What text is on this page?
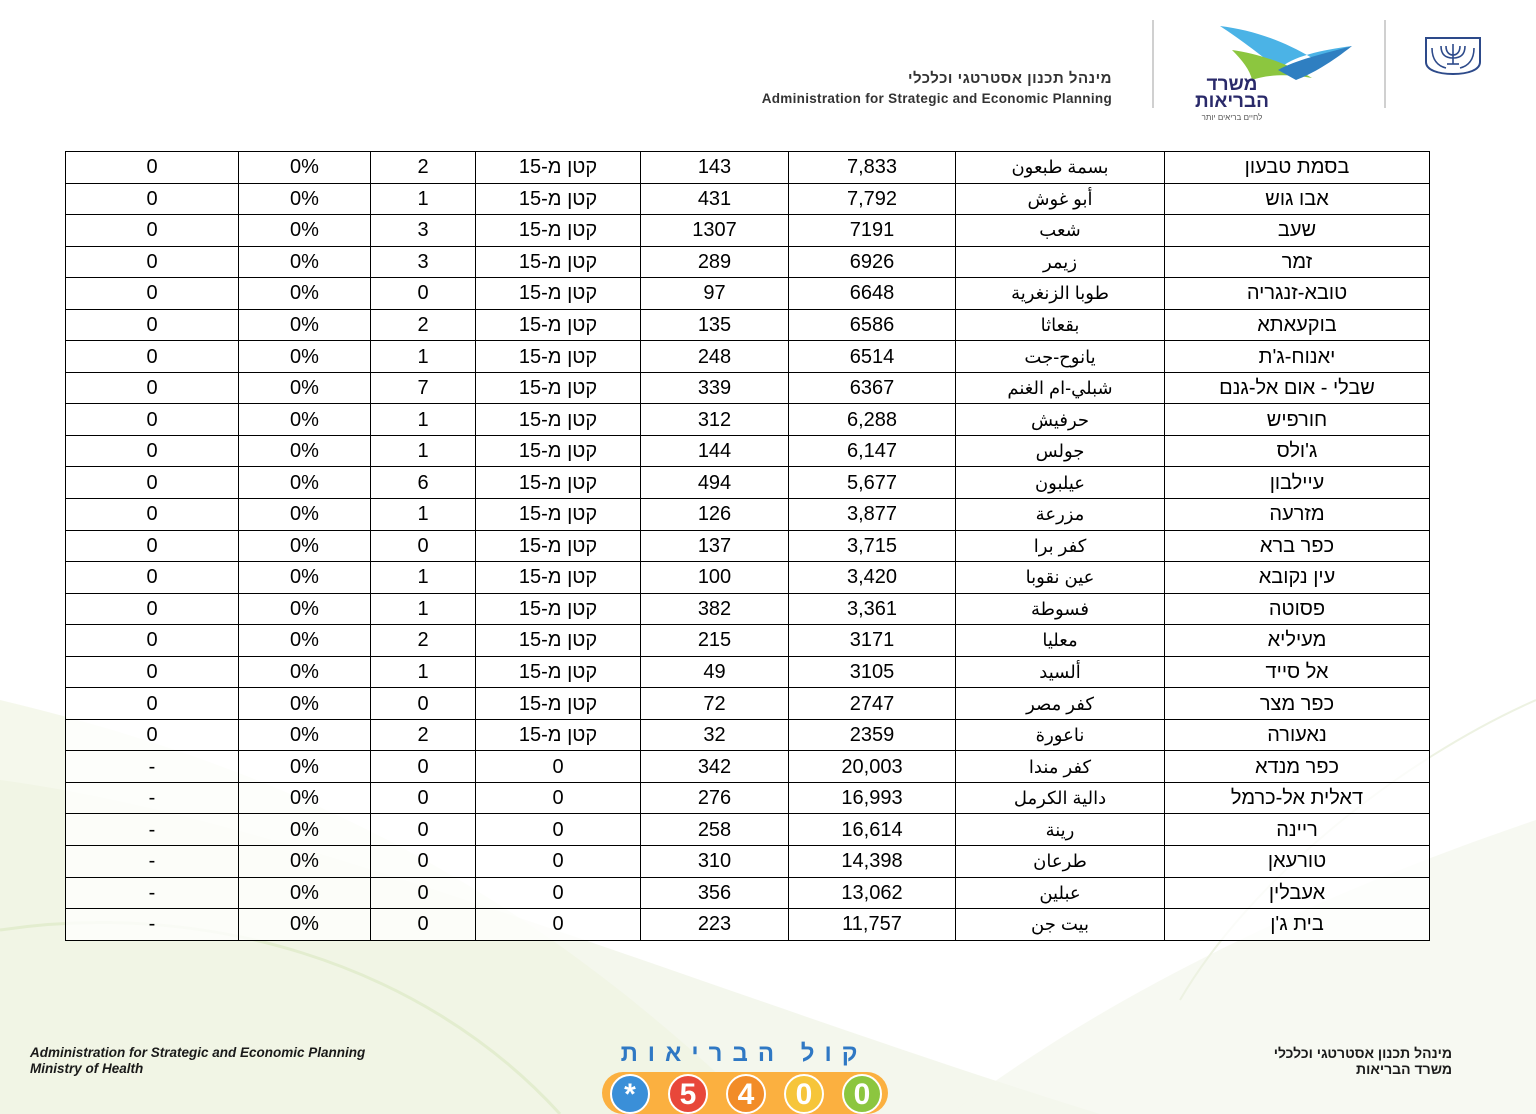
מינהל תכנון אסטרטגי וכלכלי
Administration for Strategic and Economic Planning
משרד
הבריאות
לחיים בריאים יותר
0	0%	2	קטן מ-15	143	7,833	بسمة طبعون	בסמת טבעון
0	0%	1	קטן מ-15	431	7,792	أبو غوش	אבו גוש
0	0%	3	קטן מ-15	1307	7191	شعب	שעב
0	0%	3	קטן מ-15	289	6926	زيمر	זמר
0	0%	0	קטן מ-15	97	6648	طوبا الزنغرية	טובא-זנגריה
0	0%	2	קטן מ-15	135	6586	بقعاثا	בוקעאתא
0	0%	1	קטן מ-15	248	6514	يانوح-جت	יאנוח-ג'ת
0	0%	7	קטן מ-15	339	6367	شبلي-ام الغنم	שבלי - אום אל-גנם
0	0%	1	קטן מ-15	312	6,288	حرفيش	חורפיש
0	0%	1	קטן מ-15	144	6,147	جولس	ג'ולס
0	0%	6	קטן מ-15	494	5,677	عيلبون	עיילבון
0	0%	1	קטן מ-15	126	3,877	مزرعة	מזרעה
0	0%	0	קטן מ-15	137	3,715	كفر برا	כפר ברא
0	0%	1	קטן מ-15	100	3,420	عين نقوبا	עין נקובא
0	0%	1	קטן מ-15	382	3,361	فسوطة	פסוטה
0	0%	2	קטן מ-15	215	3171	معليا	מעיליא
0	0%	1	קטן מ-15	49	3105	ألسيد	אל סייד
0	0%	0	קטן מ-15	72	2747	كفر مصر	כפר מצר
0	0%	2	קטן מ-15	32	2359	ناعورة	נאעורה
-	0%	0	0	342	20,003	كفر مندا	כפר מנדא
-	0%	0	0	276	16,993	دالية الكرمل	דאלית אל-כרמל
-	0%	0	0	258	16,614	رينة	ריינה
-	0%	0	0	310	14,398	طرعان	טורעאן
-	0%	0	0	356	13,062	عبلين	אעבלין
-	0%	0	0	223	11,757	بيت جن	בית ג'ן
Administration for Strategic and Economic Planning
Ministry of Health
קול הבריאות
* 5 4 0 0
מינהל תכנון אסטרטגי וכלכלי
משרד הבריאות
